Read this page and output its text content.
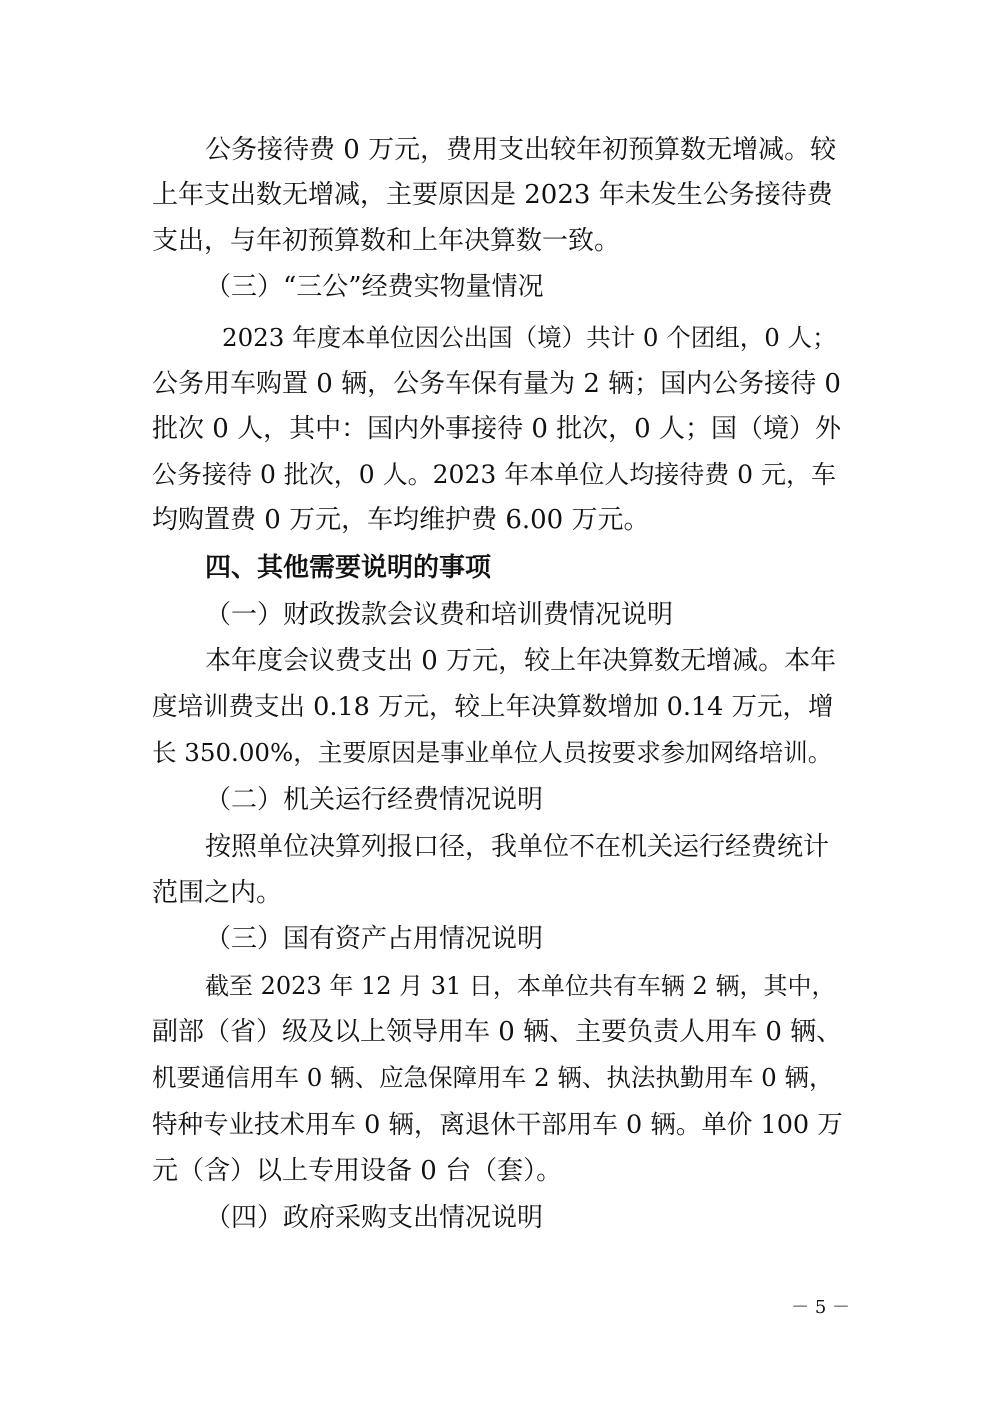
公务接待费 0 万元，费用支出较年初预算数无增减。较
上年支出数无增减，主要原因是 2023 年未发生公务接待费
支出，与年初预算数和上年决算数一致。
（三）“三公”经费实物量情况
2023 年度本单位因公出国（境）共计 0 个团组，0 人；
公务用车购置 0 辆，公务车保有量为 2 辆；国内公务接待 0
批次 0 人，其中：国内外事接待 0 批次，0 人；国（境）外
公务接待 0 批次，0 人。2023 年本单位人均接待费 0 元，车
均购置费 0 万元，车均维护费 6.00 万元。
四、其他需要说明的事项
（一）财政拨款会议费和培训费情况说明
本年度会议费支出 0 万元，较上年决算数无增减。本年
度培训费支出 0.18 万元，较上年决算数增加 0.14 万元，增
长 350.00%，主要原因是事业单位人员按要求参加网络培训。
（二）机关运行经费情况说明
按照单位决算列报口径，我单位不在机关运行经费统计
范围之内。
（三）国有资产占用情况说明
截至 2023 年 12 月 31 日，本单位共有车辆 2 辆，其中，
副部（省）级及以上领导用车 0 辆、主要负责人用车 0 辆、
机要通信用车 0 辆、应急保障用车 2 辆、执法执勤用车 0 辆，
特种专业技术用车 0 辆，离退休干部用车 0 辆。单价 100 万
元（含）以上专用设备 0 台（套）。
（四）政府采购支出情况说明
－ 5 －
